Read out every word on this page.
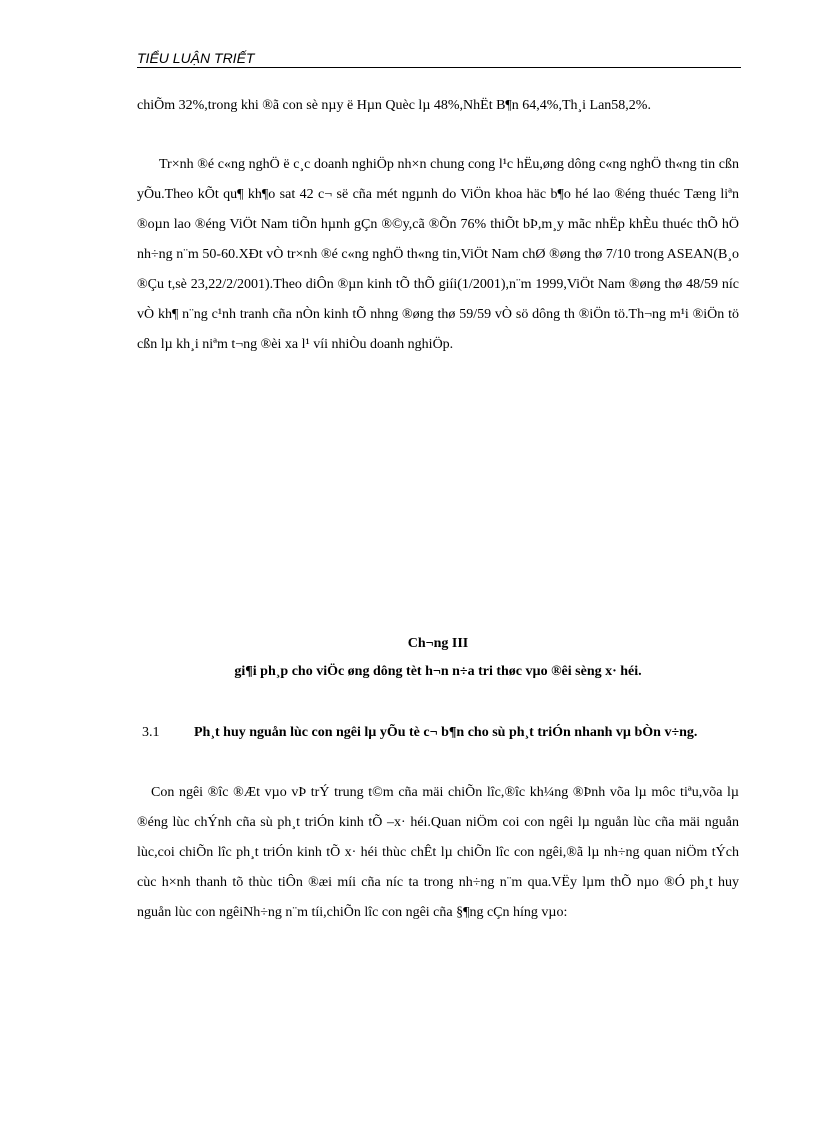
TIỂU LUẬN TRIẾT

chiÕm 32%,trong khi ®ã con sè nµy ë Hµn Quèc lµ 48%,NhËt B¶n 64,4%,Th¸i Lan58,2%.

Tr×nh ®é c«ng nghÖ ë c¸c doanh nghiÖp nh×n chung cong l¹c hËu,øng dông c«ng nghÖ th«ng tin cßn yÕu.Theo kÕt qu¶ kh¶o sat 42 c¬ së cña mét ngµnh do ViÖn khoa häc b¶o hé lao ®éng thuéc Tæng liªn ®oµn lao ®éng ViÖt Nam tiÕn hµnh gÇn ®©y,cã ®Õn 76% thiÕt bÞ,m¸y mãc nhËp khÈu thuéc thÕ hÖ nh÷ng n¨m 50-60.XÐt vÒ tr×nh ®é c«ng nghÖ th«ng tin,ViÖt Nam chØ ®øng thø 7/10 trong ASEAN(B¸o ®Çu t,sè 23,22/2/2001).Theo diÔn ®µn kinh tÕ thÕ giíi(1/2001),n¨m 1999,ViÖt Nam ®øng thø 48/59 níc vÒ kh¶ n¨ng c¹nh tranh cña nÒn kinh tÕ nhng ®øng thø 59/59 vÒ sö dông th ®iÖn tö.Th¬ng m¹i ®iÖn tö cßn lµ kh¸i niªm t¬ng ®èi xa l¹ víi nhiÒu doanh nghiÖp.

Ch¬ng III
gi¶i ph¸p cho viÖc øng dông tèt h¬n n÷a tri thøc vµo ®êi sèng x· héi.
3.1	Ph¸t huy nguån lùc con ngêi lµ yÕu tè c¬ b¶n cho sù ph¸t triÓn nhanh vµ bÒn v÷ng.

Con ngêi ®îc ®Æt vµo vÞ trÝ trung t©m cña mäi chiÕn lîc,®îc kh¼ng ®Þnh võa lµ môc tiªu,võa lµ ®éng lùc chÝnh cña sù ph¸t triÓn kinh tÕ –x· héi.Quan niÖm coi con ngêi lµ nguån lùc cña mäi nguån lùc,coi chiÕn lîc ph¸t triÓn kinh tÕ x· héi thùc chÊt lµ chiÕn lîc con ngêi,®ã lµ nh÷ng quan niÖm tÝch cùc h×nh thanh tõ thùc tiÔn ®æi míi cña níc ta trong nh÷ng n¨m qua.VËy lµm thÕ nµo ®Ó ph¸t huy nguån lùc con ngêiNh÷ng n¨m tíi,chiÕn lîc con ngêi cña §¶ng cÇn híng vµo:
